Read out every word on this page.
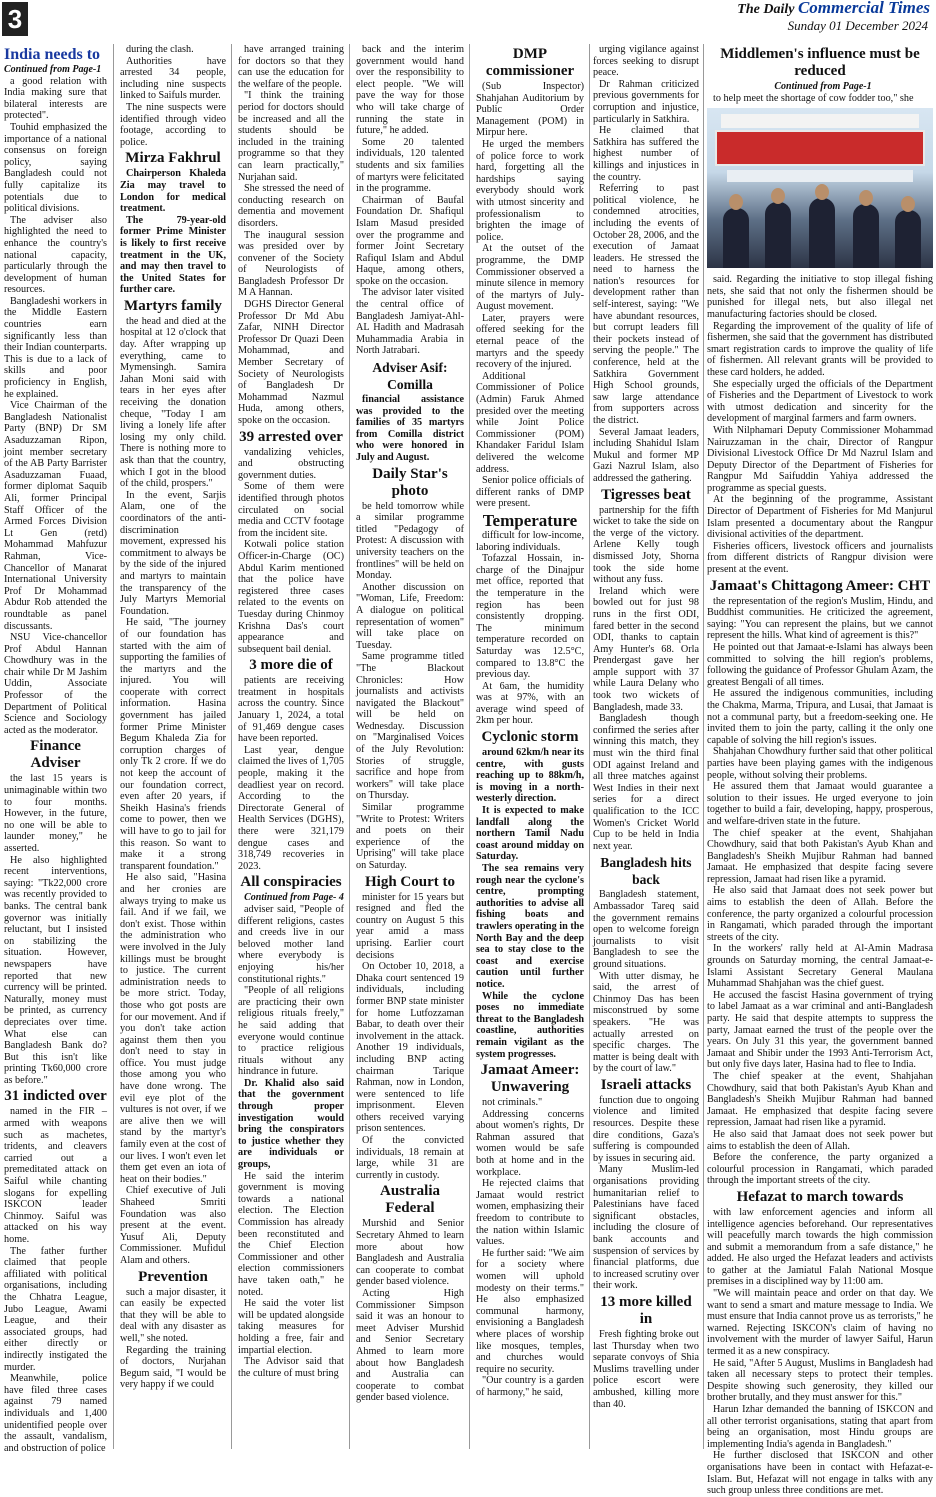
3	The Daily Commercial Times
Sunday 01 December 2024
India needs to

Continued from Page-1

a good relation with India making sure that bilateral interests are protected".

Touhid emphasized the importance of a national consensus on foreign policy, saying Bangladesh could not fully capitalize its potentials due to political divisions.

The adviser also highlighted the need to enhance the country's national capacity, particularly through the development of human resources.

Bangladeshi workers in the Middle Eastern countries earn significantly less than their Indian counterparts. This is due to a lack of skills and poor proficiency in English, he explained.

Vice Chairman of the Bangladesh Nationalist Party (BNP) Dr SM Asaduzzaman Ripon, joint member secretary of the AB Party Barrister Asaduzzaman Fuaad, former diplomat Saquib Ali, former Principal Staff Officer of the Armed Forces Division Lt Gen (retd) Mohammad Mahfuzur Rahman, Vice-Chancellor of Manarat International University Prof Dr Mohammad Abdur Rob attended the roundtable as panel discussants.

NSU Vice-chancellor Prof Abdul Hannan Chowdhury was in the chair while Dr M Jashim Uddin, Associate Professor of the Department of Political Science and Sociology acted as the moderator.

Finance Adviser

the last 15 years is unimaginable within two to four months. However, in the future, no one will be able to launder money," he asserted.

He also highlighted recent interventions, saying: "Tk22,000 crore was recently provided to banks. The central bank governor was initially reluctant, but I insisted on stabilizing the situation. However, newspapers have reported that new currency will be printed. Naturally, money must be printed, as currency depreciates over time. What else can Bangladesh Bank do? But this isn't like printing Tk60,000 crore as before."

31 indicted over

named in the FIR – armed with weapons such as machetes, tridents, and cleavers carried out a premeditated attack on Saiful while chanting slogans for expelling ISKCON leader Chinmoy. Saiful was attacked on his way home.

The father further claimed that people affiliated with political organisations, including the Chhatra League, Jubo League, Awami League, and their associated groups, had either directly or indirectly instigated the murder.

Meanwhile, police have filed three cases against 79 named individuals and 1,400 unidentified people over the assault, vandalism, and obstruction of police

during the clash.

Authorities have arrested 34 people, including nine suspects linked to Saifuls murder.

The nine suspects were identified through video footage, according to police.

Mirza Fakhrul

Chairperson Khaleda Zia may travel to London for medical treatment.

The 79-year-old former Prime Minister is likely to first receive treatment in the UK, and may then travel to the United States for further care.

Martyrs family

the head and died at the hospital at 12 o'clock that day. After wrapping up everything, came to Mymensingh. Samira Jahan Moni said with tears in her eyes after receiving the donation cheque, "Today I am living a lonely life after losing my only child. There is nothing more to ask than that the country, which I got in the blood of the child, prospers."

In the event, Sarjis Alam, one of the coordinators of the anti-discrimination movement, expressed his commitment to always be by the side of the injured and martyrs to maintain the transparency of the July Martyrs Memorial Foundation.

He said, "The journey of our foundation has started with the aim of supporting the families of the martyrs and the injured. You will cooperate with correct information. Hasina government has jailed former Prime Minister Begum Khaleda Zia for corruption charges of only Tk 2 crore. If we do not keep the account of our foundation correct, even after 20 years, if Sheikh Hasina's friends come to power, then we will have to go to jail for this reason. So want to make it a strong transparent foundation."

He also said, "Hasina and her cronies are always trying to make us fail. And if we fail, we don't exist. Those within the administration who were involved in the July killings must be brought to justice. The current administration needs to be more strict. Today, those who got posts are for our movement. And if you don't take action against them then you don't need to stay in office. You must judge those among you who have done wrong. The evil eye plot of the vultures is not over, if we are alive then we will stand by the martyr's family even at the cost of our lives. I won't even let them get even an iota of heat on their bodies."

Chief executive of Juli Shaheed Smriti Foundation was also present at the event. Yusuf Ali, Deputy Commissioner. Mufidul Alam and others.

Prevention

such a major disaster, it can easily be expected that they will be able to deal with any disaster as well," she noted.

Regarding the training of doctors, Nurjahan Begum said, "I would be very happy if we could

have arranged training for doctors so that they can use the education for the welfare of the people.

"I think the training period for doctors should be increased and all the students should be included in the training programme so that they can learn practically," Nurjahan said.

She stressed the need of conducting research on dementia and movement disorders.

The inaugural session was presided over by convener of the Society of Neurologists of Bangladesh Professor Dr M A Hannan.

DGHS Director General Professor Dr Md Abu Zafar, NINH Director Professor Dr Quazi Deen Mohammad, and Member Secretary of Society of Neurologists of Bangladesh Dr Mohammad Nazmul Huda, among others, spoke on the occasion.

39 arrested over

vandalizing vehicles, and obstructing government duties.

Some of them were identified through photos circulated on social media and CCTV footage from the incident site.

Kotwali police station Officer-in-Charge (OC) Abdul Karim mentioned that the police have registered three cases related to the events on Tuesday during Chinmoy Krishna Das's court appearance and subsequent bail denial.

3 more die of

patients are receiving treatment in hospitals across the country. Since January 1, 2024, a total of 91,469 dengue cases have been reported.

Last year, dengue claimed the lives of 1,705 people, making it the deadliest year on record. According to the Directorate General of Health Services (DGHS), there were 321,179 dengue cases and 318,749 recoveries in 2023.

All conspiracies

Continued from Page- 4

adviser said, "People of different religions, castes and creeds live in our beloved mother land where everybody is enjoying his/her constitutional rights."

"People of all religions are practicing their own religious rituals freely," he said adding that everyone would continue to practice religious rituals without any hindrance in future.

Dr. Khalid also said that the government through proper investigation would bring the conspirators to justice whether they are individuals or groups,

He said the interim government is moving towards a national election. The Election Commission has already been reconstituted and the Chief Election Commissioner and other election commissioners have taken oath," he noted.

He said the voter list will be updated alongside taking measures for holding a free, fair and impartial election.

The Advisor said that the culture of must bring

back and the interim government would hand over the responsibility to elect people. "We will pave the way for those who will take charge of running the state in future," he added.

Some 20 talented individuals, 120 talented students and six families of martyrs were felicitated in the programme.

Chairman of Baufal Foundation Dr. Shafiqul Islam Masud presided over the programme and former Joint Secretary Rafiqul Islam and Abdul Haque, among others, spoke on the occasion.

The advisor later visited the central office of Bangladesh Jamiyat-Ahl-AL Hadith and Madrasah Muhammadia Arabia in North Jatrabari.

Adviser Asif: Comilla

financial assistance was provided to the families of 35 martyrs from Comilla district who were honored in July and August.

Daily Star's photo

be held tomorrow while a similar programme titled "Pedagogy of Protest: A discussion with university teachers on the frontlines" will be held on Monday.

Another discussion on "Woman, Life, Freedom: A dialogue on political representation of women" will take place on Tuesday.

Same programme titled "The Blackout Chronicles: How journalists and activists navigated the Blackout" will be held on Wednesday. Discussion on "Marginalised Voices of the July Revolution: Stories of struggle, sacrifice and hope from workers" will take place on Thursday.

Similar programme "Write to Protest: Writers and poets on their experience of the Uprising" will take place on Saturday.

High Court to

minister for 15 years but resigned and fled the country on August 5 this year amid a mass uprising. Earlier court decisions

On October 10, 2018, a Dhaka court sentenced 19 individuals, including former BNP state minister for home Lutfozzaman Babar, to death over their involvement in the attack. Another 19 individuals, including BNP acting chairman Tarique Rahman, now in London, were sentenced to life imprisonment. Eleven others received varying prison sentences.

Of the convicted individuals, 18 remain at large, while 31 are currently in custody.

Australia Federal

Murshid and Senior Secretary Ahmed to learn more about how Bangladesh and Australia can cooperate to combat gender based violence.

Acting High Commissioner Simpson said it was an honour to meet Adviser Murshid and Senior Secretary Ahmed to learn more about how Bangladesh and Australia can cooperate to combat gender based violence.

DMP commissioner

(Sub Inspector) Shahjahan Auditorium by Public Order Management (POM) in Mirpur here.

He urged the members of police force to work hard, forgetting all the hardships saying everybody should work with utmost sincerity and professionalism to brighten the image of police.

At the outset of the programme, the DMP Commissioner observed a minute silence in memory of the martyrs of July-August movement.

Later, prayers were offered seeking for the eternal peace of the martyrs and the speedy recovery of the injured.

Additional Commissioner of Police (Admin) Faruk Ahmed presided over the meeting while Joint Police Commissioner (POM) Khandaker Faridul Islam delivered the welcome address.

Senior police officials of different ranks of DMP were present.

Temperature

difficult for low-income, laboring individuals.

Tofazzal Hossain, in-charge of the Dinajpur met office, reported that the temperature in the region has been consistently dropping. The minimum temperature recorded on Saturday was 12.5°C, compared to 13.8°C the previous day.

At 6am, the humidity was at 97%, with an average wind speed of 2km per hour.

Cyclonic storm

around 62km/h near its centre, with gusts reaching up to 88km/h, is moving in a north-westerly direction.

It is expected to make landfall along the northern Tamil Nadu coast around midday on Saturday.

The sea remains very rough near the cyclone's centre, prompting authorities to advise all fishing boats and trawlers operating in the North Bay and the deep sea to stay close to the coast and exercise caution until further notice.

While the cyclone poses no immediate threat to the Bangladesh coastline, authorities remain vigilant as the system progresses.

Jamaat Ameer: Unwavering

not criminals."

Addressing concerns about women's rights, Dr Rahman assured that women would be safe both at home and in the workplace.

He rejected claims that Jamaat would restrict women, emphasizing their freedom to contribute to the nation within Islamic values.

He further said: "We aim for a society where women will uphold modesty on their terms." He also emphasized communal harmony, envisioning a Bangladesh where places of worship like mosques, temples, and churches would require no security.

"Our country is a garden of harmony," he said,

urging vigilance against forces seeking to disrupt peace.

Dr Rahman criticized previous governments for corruption and injustice, particularly in Satkhira.

He claimed that Satkhira has suffered the highest number of killings and injustices in the country.

Referring to past political violence, he condemned atrocities, including the events of October 28, 2006, and the execution of Jamaat leaders. He stressed the need to harness the nation's resources for development rather than self-interest, saying: "We have abundant resources, but corrupt leaders fill their pockets instead of serving the people." The conference, held at the Satkhira Government High School grounds, saw large attendance from supporters across the district.

Several Jamaat leaders, including Shahidul Islam Mukul and former MP Gazi Nazrul Islam, also addressed the gathering.

Tigresses beat

partnership for the fifth wicket to take the side on the verge of the victory. Arlene Kelly tough dismissed Joty, Shorna took the side home without any fuss.

Ireland which were bowled out for just 98 runs in the first ODI, fared better in the second ODI, thanks to captain Amy Hunter's 68. Orla Prendergast gave her ample support with 37 while Laura Delany who took two wickets of Bangladesh, made 33.

Bangladesh though confirmed the series after winning this match, they must win the third final ODI against Ireland and all three matches against West Indies in their next series for a direct qualification to the ICC Women's Cricket World Cup to be held in India next year.

Bangladesh hits back

Bangladesh statement, Ambassador Tareq said the government remains open to welcome foreign journalists to visit Bangladesh to see the ground situations.

With utter dismay, he said, the arrest of Chinmoy Das has been misconstrued by some speakers. "He was actually arrested on specific charges. The matter is being dealt with by the court of law."

Israeli attacks

function due to ongoing violence and limited resources. Despite these dire conditions, Gaza's suffering is compounded by issues in securing aid.

Many Muslim-led organisations providing humanitarian relief to Palestinians have faced significant obstacles, including the closure of bank accounts and suspension of services by financial platforms, due to increased scrutiny over their work.

13 more killed in

Fresh fighting broke out last Thursday when two separate convoys of Shia Muslims travelling under police escort were ambushed, killing more than 40.

Middlemen's influence must be reduced

Continued from Page-1

to help meet the shortage of cow fodder too," she

said. Regarding the initiative to stop illegal fishing nets, she said that not only the fishermen should be punished for illegal nets, but also illegal net manufacturing factories should be closed.

Regarding the improvement of the quality of life of fishermen, she said that the government has distributed smart registration cards to improve the quality of life of fishermen. All relevant grants will be provided to these card holders, he added.

She especially urged the officials of the Department of Fisheries and the Department of Livestock to work with utmost dedication and sincerity for the development of marginal farmers and farm owners.

With Nilphamari Deputy Commissioner Mohammad Nairuzzaman in the chair, Director of Rangpur Divisional Livestock Office Dr Md Nazrul Islam and Deputy Director of the Department of Fisheries for Rangpur Md Saifuddin Yahiya addressed the programme as special guests.

At the beginning of the programme, Assistant Director of Department of Fisheries for Md Manjurul Islam presented a documentary about the Rangpur divisional activities of the department.

Fisheries officers, livestock officers and journalists from different districts of Rangpur division were present at the event.

Jamaat's Chittagong Ameer: CHT

the representation of the region's Muslim, Hindu, and Buddhist communities. He criticized the agreement, saying: "You can represent the plains, but we cannot represent the hills. What kind of agreement is this?"

He pointed out that Jamaat-e-Islami has always been committed to solving the hill region's problems, following the guidance of Professor Ghulam Azam, the greatest Bengali of all times.

He assured the indigenous communities, including the Chakma, Marma, Tripura, and Lusai, that Jamaat is not a communal party, but a freedom-seeking one. He invited them to join the party, calling it the only one capable of solving the hill region's issues.

Shahjahan Chowdhury further said that other political parties have been playing games with the indigenous people, without solving their problems.

He assured them that Jamaat would guarantee a solution to their issues. He urged everyone to join together to build a fair, developing, happy, prosperous, and welfare-driven state in the future.

The chief speaker at the event, Shahjahan Chowdhury, said that both Pakistan's Ayub Khan and Bangladesh's Sheikh Mujibur Rahman had banned Jamaat. He emphasized that despite facing severe repression, Jamaat had risen like a pyramid.

He also said that Jamaat does not seek power but aims to establish the deen of Allah. Before the conference, the party organized a colourful procession in Rangamati, which paraded through the important streets of the city.

In the workers' rally held at Al-Amin Madrasa grounds on Saturday morning, the central Jamaat-e-Islami Assistant Secretary General Maulana Muhammad Shahjahan was the chief guest.

He accused the fascist Hasina government of trying to label Jamaat as a war criminal and anti-Bangladesh party. He said that despite attempts to suppress the party, Jamaat earned the trust of the people over the years. On July 31 this year, the government banned Jamaat and Shibir under the 1993 Anti-Terrorism Act, but only five days later, Hasina had to flee to India.

The chief speaker at the event, Shahjahan Chowdhury, said that both Pakistan's Ayub Khan and Bangladesh's Sheikh Mujibur Rahman had banned Jamaat. He emphasized that despite facing severe repression, Jamaat had risen like a pyramid.

He also said that Jamaat does not seek power but aims to establish the deen of Allah.

Before the conference, the party organized a colourful procession in Rangamati, which paraded through the important streets of the city.

Hefazat to march towards

with law enforcement agencies and inform all intelligence agencies beforehand. Our representatives will peacefully march towards the high commission and submit a memorandum from a safe distance," he added. He also urged the Hefazat leaders and activists to gather at the Jamiatul Falah National Mosque premises in a disciplined way by 11:00 am.

"We will maintain peace and order on that day. We want to send a smart and mature message to India. We must ensure that India cannot prove us as terrorists," he warned. Rejecting ISKCON's claim of having no involvement with the murder of lawyer Saiful, Harun termed it as a new conspiracy.

He said, "After 5 August, Muslims in Bangladesh had taken all necessary steps to protect their temples. Despite showing such generosity, they killed our brother brutally, and they must answer for this."

Harun Izhar demanded the banning of ISKCON and all other terrorist organisations, stating that apart from being an organisation, most Hindu groups are implementing India's agenda in Bangladesh."

He further disclosed that ISKCON and other organisations have been in contact with Hefazat-e-Islam. But, Hefazat will not engage in talks with any such group unless three conditions are met.
